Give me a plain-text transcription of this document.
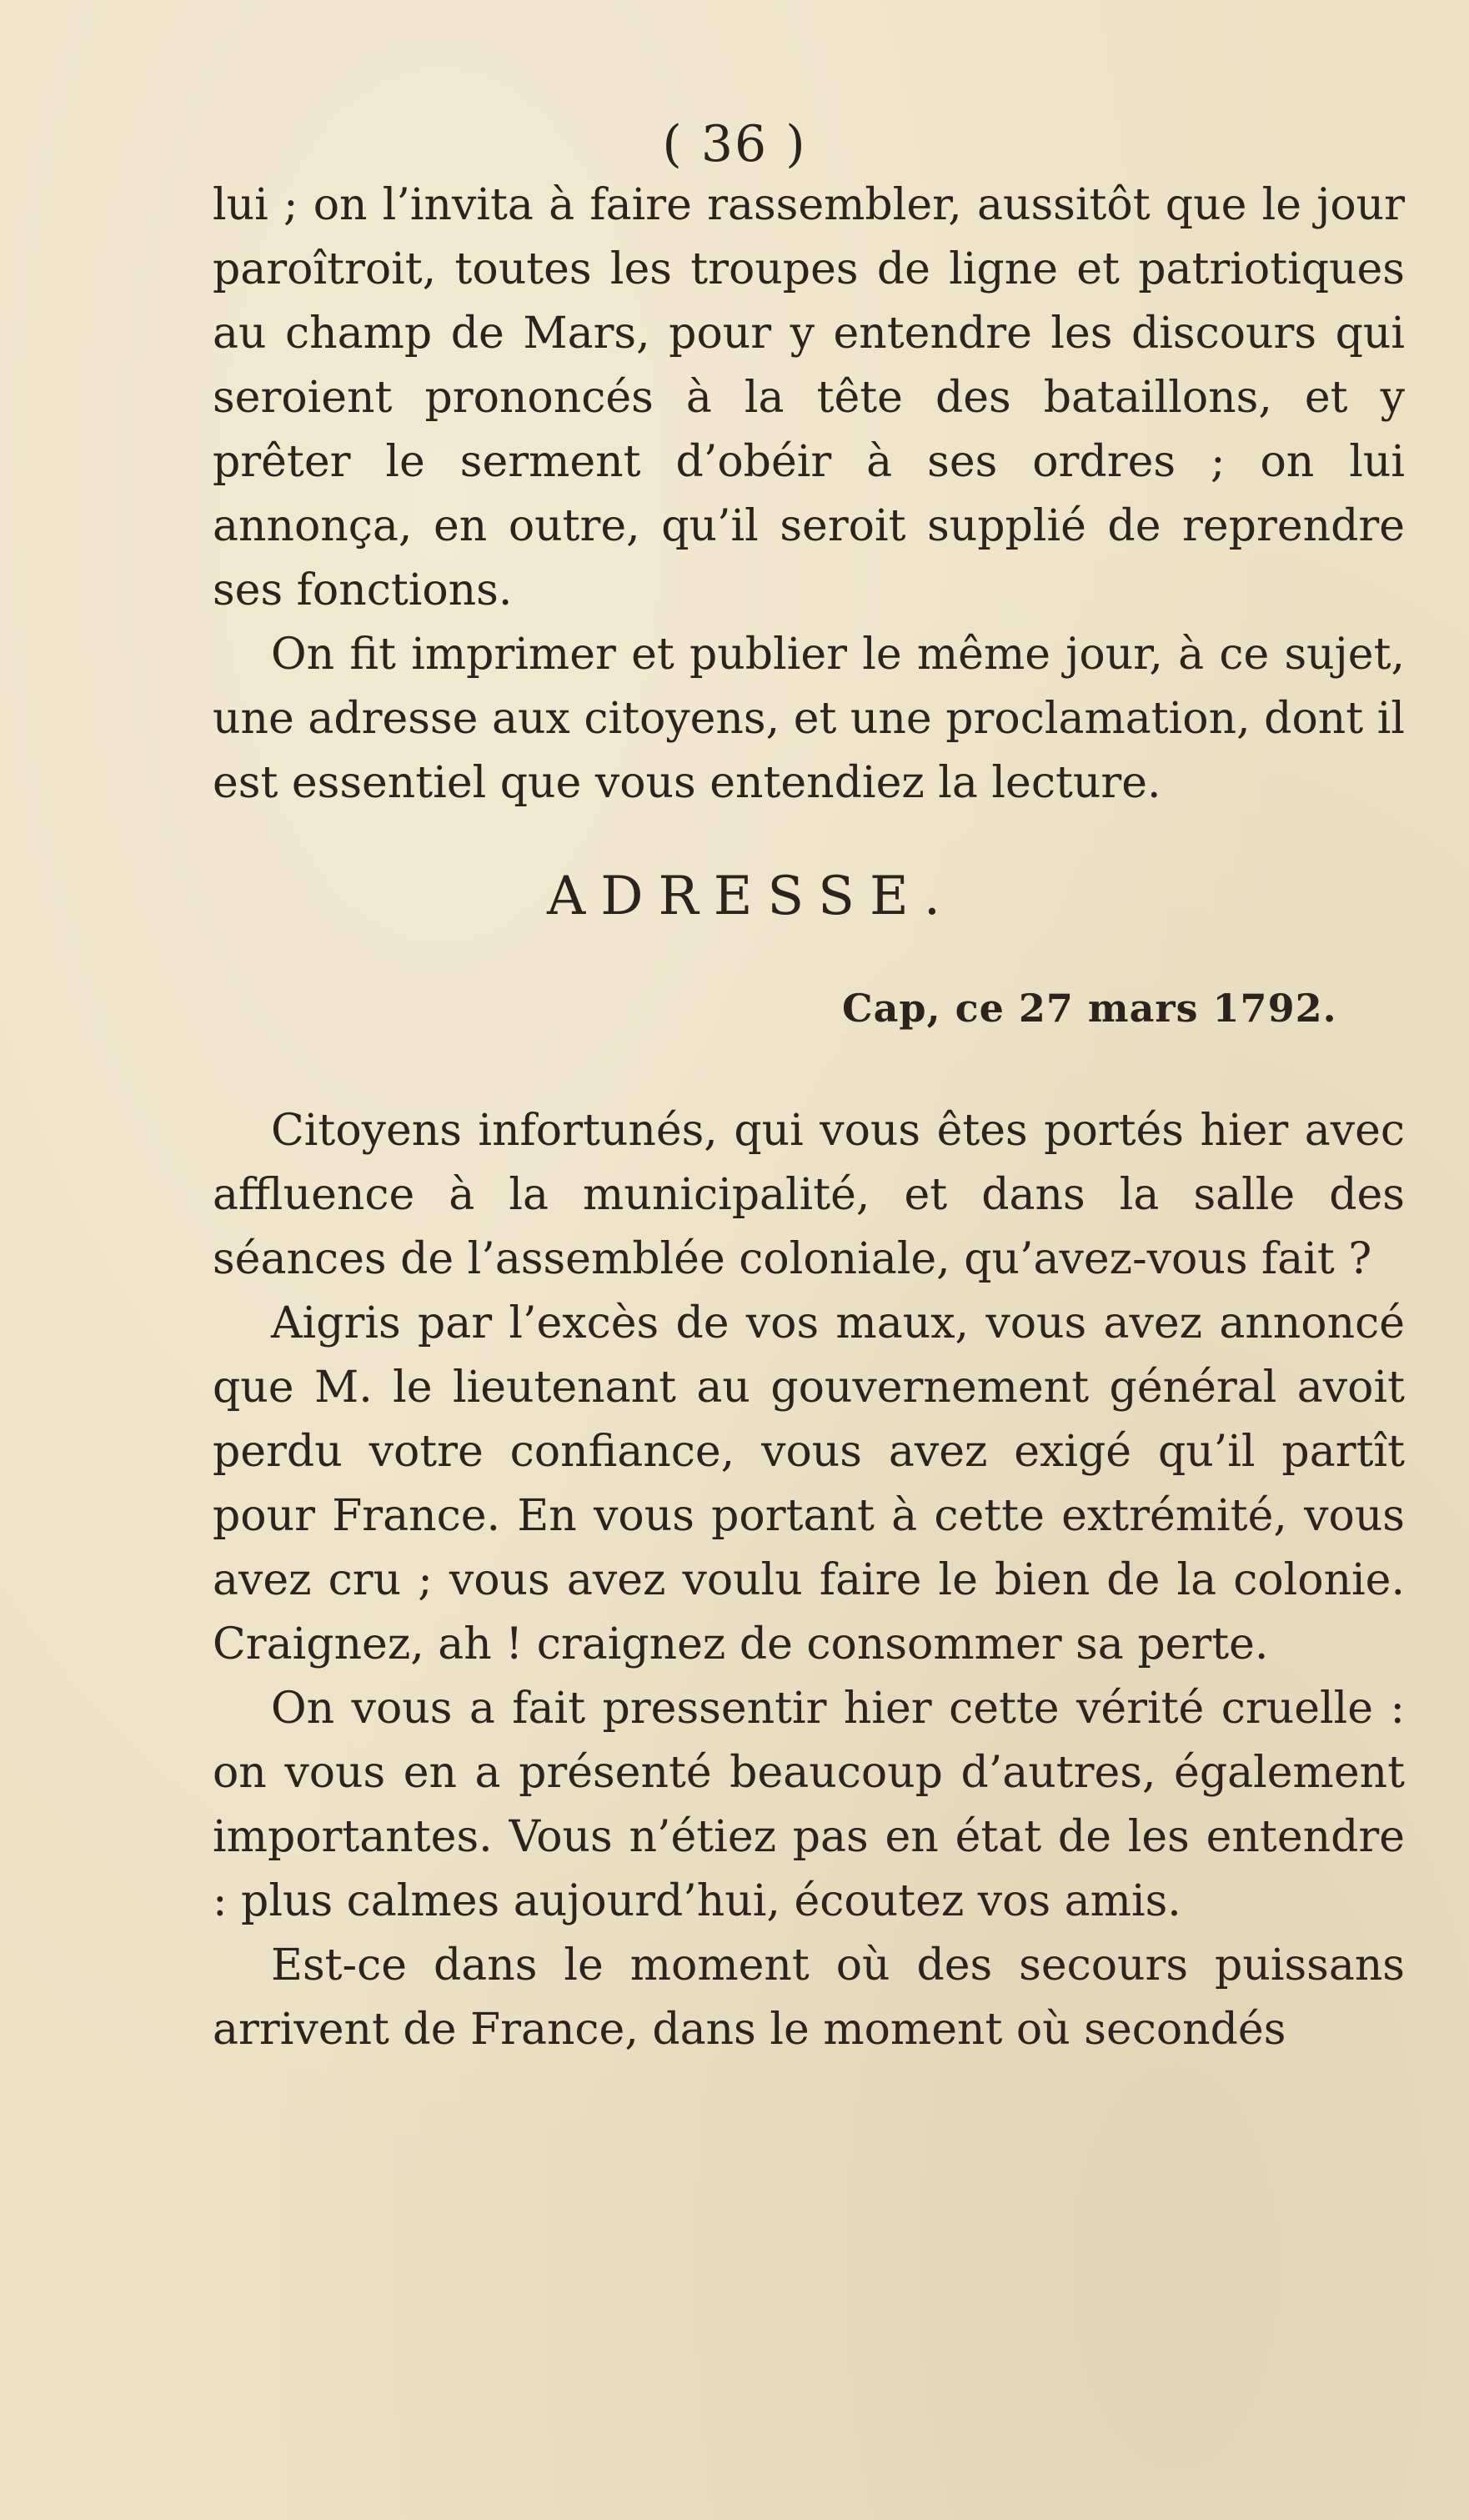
( 36 )

lui ; on l’invita à faire rassembler, aussitôt que le jour paroîtroit, toutes les troupes de ligne et patriotiques au champ de Mars, pour y entendre les discours qui seroient prononcés à la tête des bataillons, et y prêter le serment d’obéir à ses ordres ; on lui annonça, en outre, qu’il seroit supplié de reprendre ses fonctions.

On fit imprimer et publier le même jour, à ce sujet, une adresse aux citoyens, et une proclamation, dont il est essentiel que vous entendiez la lecture.

ADRESSE.
Cap, ce 27 mars 1792.

Citoyens infortunés, qui vous êtes portés hier avec affluence à la municipalité, et dans la salle des séances de l’assemblée coloniale, qu’avez-vous fait ?

Aigris par l’excès de vos maux, vous avez annoncé que M. le lieutenant au gouvernement général avoit perdu votre confiance, vous avez exigé qu’il partît pour France. En vous portant à cette extrémité, vous avez cru ; vous avez voulu faire le bien de la colonie. Craignez, ah ! craignez de consommer sa perte.

On vous a fait pressentir hier cette vérité cruelle : on vous en a présenté beaucoup d’autres, également importantes. Vous n’étiez pas en état de les entendre : plus calmes aujourd’hui, écoutez vos amis.

Est-ce dans le moment où des secours puissans arrivent de France, dans le moment où secondés
